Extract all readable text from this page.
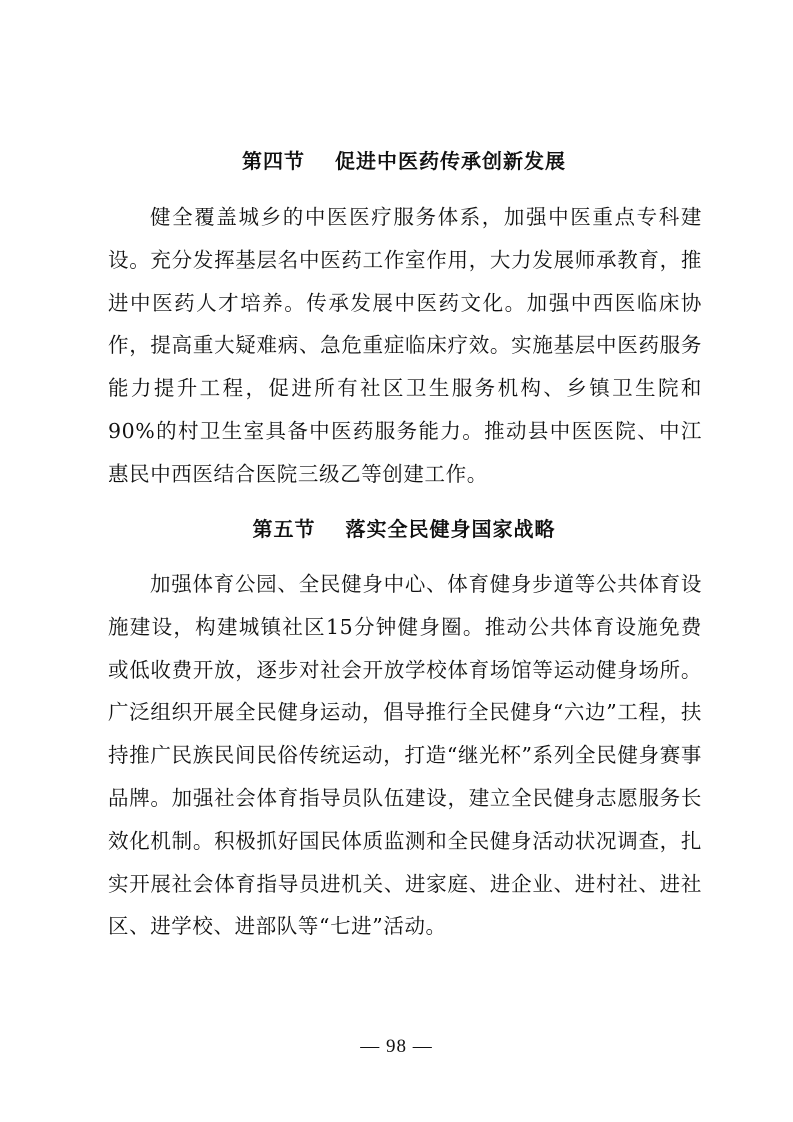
第四节 促进中医药传承创新发展

健全覆盖城乡的中医医疗服务体系，加强中医重点专科建设。充分发挥基层名中医药工作室作用，大力发展师承教育，推进中医药人才培养。传承发展中医药文化。加强中西医临床协作，提高重大疑难病、急危重症临床疗效。实施基层中医药服务能力提升工程，促进所有社区卫生服务机构、乡镇卫生院和90%的村卫生室具备中医药服务能力。推动县中医医院、中江惠民中西医结合医院三级乙等创建工作。

第五节 落实全民健身国家战略

加强体育公园、全民健身中心、体育健身步道等公共体育设施建设，构建城镇社区15分钟健身圈。推动公共体育设施免费或低收费开放，逐步对社会开放学校体育场馆等运动健身场所。广泛组织开展全民健身运动，倡导推行全民健身“六边”工程，扶持推广民族民间民俗传统运动，打造“继光杯”系列全民健身赛事品牌。加强社会体育指导员队伍建设，建立全民健身志愿服务长效化机制。积极抓好国民体质监测和全民健身活动状况调查，扎实开展社会体育指导员进机关、进家庭、进企业、进村社、进社区、进学校、进部队等“七进”活动。

— 98 —
